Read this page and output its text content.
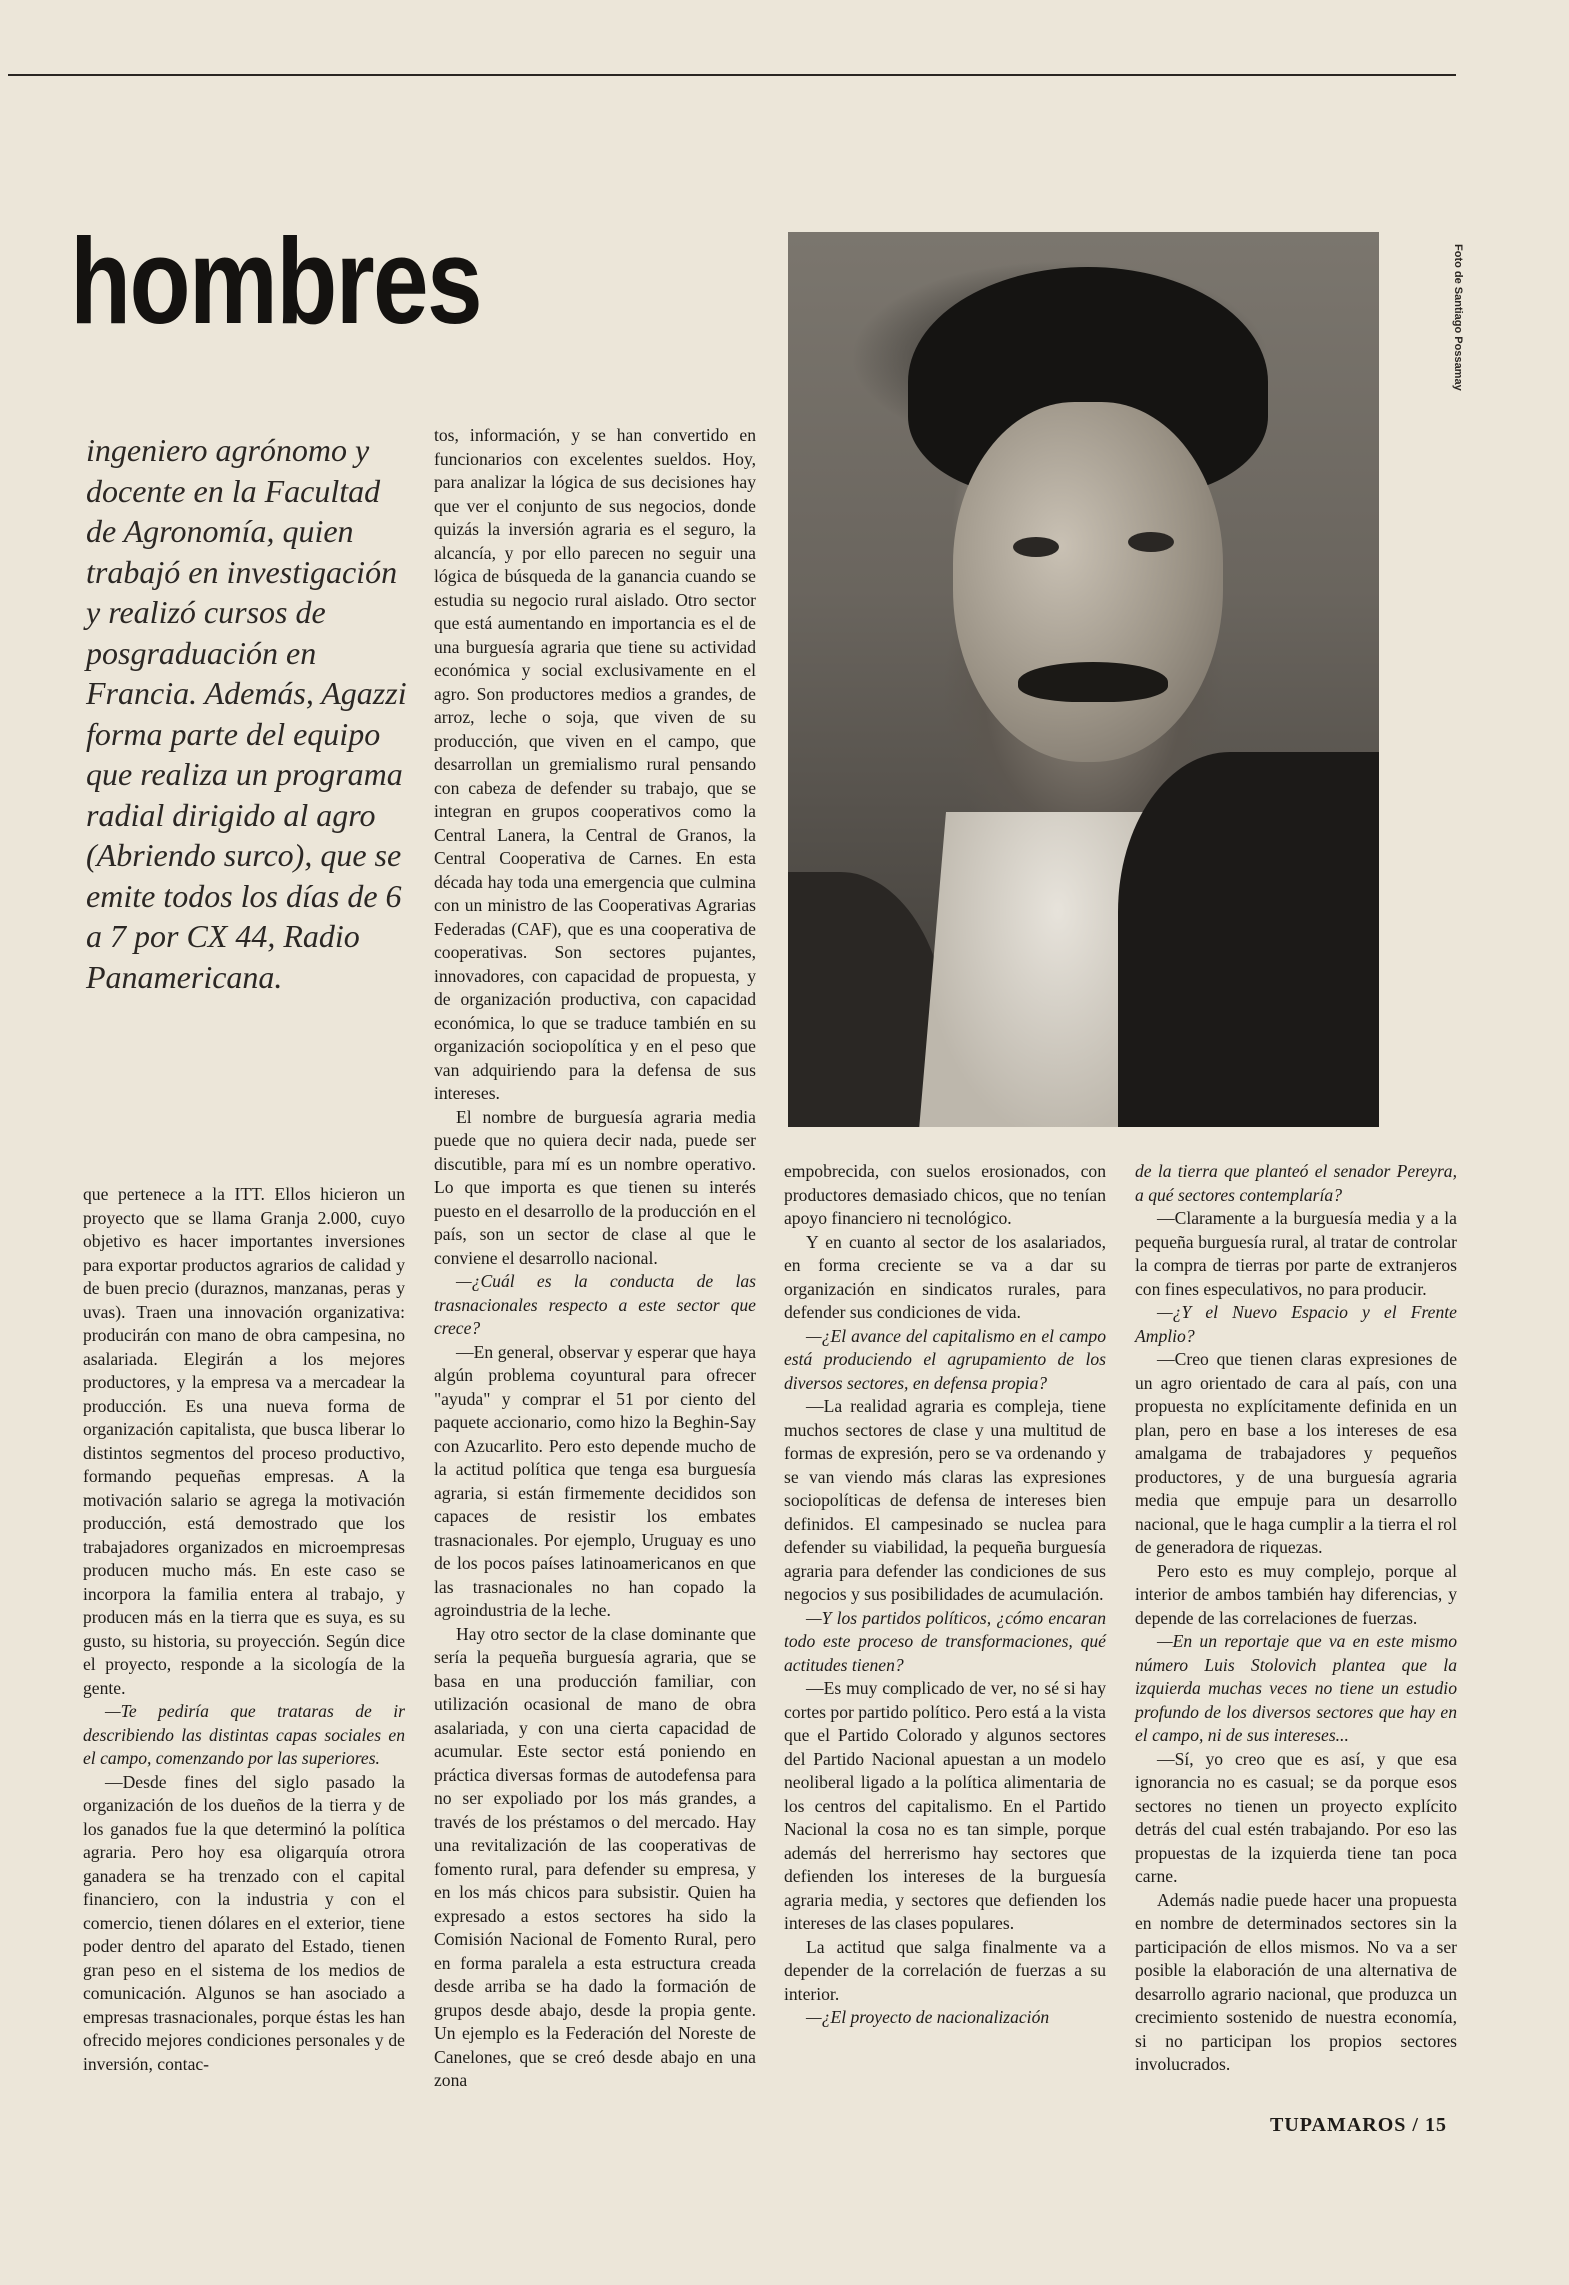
hombres
ingeniero agrónomo y docente en la Facultad de Agronomía, quien trabajó en investigación y realizó cursos de posgraduación en Francia. Además, Agazzi forma parte del equipo que realiza un programa radial dirigido al agro (Abriendo surco), que se emite todos los días de 6 a 7 por CX 44, Radio Panamericana.

Foto de Santiago Possamay

que pertenece a la ITT. Ellos hicieron un proyecto que se llama Granja 2.000, cuyo objetivo es hacer importantes inversiones para exportar productos agrarios de calidad y de buen precio (duraznos, manzanas, peras y uvas). Traen una innovación organizativa: producirán con mano de obra campesina, no asalariada. Elegirán a los mejores productores, y la empresa va a mercadear la producción. Es una nueva forma de organización capitalista, que busca liberar lo distintos segmentos del proceso productivo, formando pequeñas empresas. A la motivación salario se agrega la motivación producción, está demostrado que los trabajadores organizados en microempresas producen mucho más. En este caso se incorpora la familia entera al trabajo, y producen más en la tierra que es suya, es su gusto, su historia, su proyección. Según dice el proyecto, responde a la sicología de la gente.

—Te pediría que trataras de ir describiendo las distintas capas sociales en el campo, comenzando por las superiores.

—Desde fines del siglo pasado la organización de los dueños de la tierra y de los ganados fue la que determinó la política agraria. Pero hoy esa oligarquía otrora ganadera se ha trenzado con el capital financiero, con la industria y con el comercio, tienen dólares en el exterior, tiene poder dentro del aparato del Estado, tienen gran peso en el sistema de los medios de comunicación. Algunos se han asociado a empresas trasnacionales, porque éstas les han ofrecido mejores condiciones personales y de inversión, contac-

tos, información, y se han convertido en funcionarios con excelentes sueldos. Hoy, para analizar la lógica de sus decisiones hay que ver el conjunto de sus negocios, donde quizás la inversión agraria es el seguro, la alcancía, y por ello parecen no seguir una lógica de búsqueda de la ganancia cuando se estudia su negocio rural aislado. Otro sector que está aumentando en importancia es el de una burguesía agraria que tiene su actividad económica y social exclusivamente en el agro. Son productores medios a grandes, de arroz, leche o soja, que viven de su producción, que viven en el campo, que desarrollan un gremialismo rural pensando con cabeza de defender su trabajo, que se integran en grupos cooperativos como la Central Lanera, la Central de Granos, la Central Cooperativa de Carnes. En esta década hay toda una emergencia que culmina con un ministro de las Cooperativas Agrarias Federadas (CAF), que es una cooperativa de cooperativas. Son sectores pujantes, innovadores, con capacidad de propuesta, y de organización productiva, con capacidad económica, lo que se traduce también en su organización sociopolítica y en el peso que van adquiriendo para la defensa de sus intereses.

El nombre de burguesía agraria media puede que no quiera decir nada, puede ser discutible, para mí es un nombre operativo. Lo que importa es que tienen su interés puesto en el desarrollo de la producción en el país, son un sector de clase al que le conviene el desarrollo nacional.

—¿Cuál es la conducta de las trasnacionales respecto a este sector que crece?

—En general, observar y esperar que haya algún problema coyuntural para ofrecer "ayuda" y comprar el 51 por ciento del paquete accionario, como hizo la Beghin-Say con Azucarlito. Pero esto depende mucho de la actitud política que tenga esa burguesía agraria, si están firmemente decididos son capaces de resistir los embates trasnacionales. Por ejemplo, Uruguay es uno de los pocos países latinoamericanos en que las trasnacionales no han copado la agroindustria de la leche.

Hay otro sector de la clase dominante que sería la pequeña burguesía agraria, que se basa en una producción familiar, con utilización ocasional de mano de obra asalariada, y con una cierta capacidad de acumular. Este sector está poniendo en práctica diversas formas de autodefensa para no ser expoliado por los más grandes, a través de los préstamos o del mercado. Hay una revitalización de las cooperativas de fomento rural, para defender su empresa, y en los más chicos para subsistir. Quien ha expresado a estos sectores ha sido la Comisión Nacional de Fomento Rural, pero en forma paralela a esta estructura creada desde arriba se ha dado la formación de grupos desde abajo, desde la propia gente. Un ejemplo es la Federación del Noreste de Canelones, que se creó desde abajo en una zona

empobrecida, con suelos erosionados, con productores demasiado chicos, que no tenían apoyo financiero ni tecnológico.

Y en cuanto al sector de los asalariados, en forma creciente se va a dar su organización en sindicatos rurales, para defender sus condiciones de vida.

—¿El avance del capitalismo en el campo está produciendo el agrupamiento de los diversos sectores, en defensa propia?

—La realidad agraria es compleja, tiene muchos sectores de clase y una multitud de formas de expresión, pero se va ordenando y se van viendo más claras las expresiones sociopolíticas de defensa de intereses bien definidos. El campesinado se nuclea para defender su viabilidad, la pequeña burguesía agraria para defender las condiciones de sus negocios y sus posibilidades de acumulación.

—Y los partidos políticos, ¿cómo encaran todo este proceso de transformaciones, qué actitudes tienen?

—Es muy complicado de ver, no sé si hay cortes por partido político. Pero está a la vista que el Partido Colorado y algunos sectores del Partido Nacional apuestan a un modelo neoliberal ligado a la política alimentaria de los centros del capitalismo. En el Partido Nacional la cosa no es tan simple, porque además del herrerismo hay sectores que defienden los intereses de la burguesía agraria media, y sectores que defienden los intereses de las clases populares.

La actitud que salga finalmente va a depender de la correlación de fuerzas a su interior.

—¿El proyecto de nacionalización

de la tierra que planteó el senador Pereyra, a qué sectores contemplaría?

—Claramente a la burguesía media y a la pequeña burguesía rural, al tratar de controlar la compra de tierras por parte de extranjeros con fines especulativos, no para producir.

—¿Y el Nuevo Espacio y el Frente Amplio?

—Creo que tienen claras expresiones de un agro orientado de cara al país, con una propuesta no explícitamente definida en un plan, pero en base a los intereses de esa amalgama de trabajadores y pequeños productores, y de una burguesía agraria media que empuje para un desarrollo nacional, que le haga cumplir a la tierra el rol de generadora de riquezas.

Pero esto es muy complejo, porque al interior de ambos también hay diferencias, y depende de las correlaciones de fuerzas.

—En un reportaje que va en este mismo número Luis Stolovich plantea que la izquierda muchas veces no tiene un estudio profundo de los diversos sectores que hay en el campo, ni de sus intereses...

—Sí, yo creo que es así, y que esa ignorancia no es casual; se da porque esos sectores no tienen un proyecto explícito detrás del cual estén trabajando. Por eso las propuestas de la izquierda tiene tan poca carne.

Además nadie puede hacer una propuesta en nombre de determinados sectores sin la participación de ellos mismos. No va a ser posible la elaboración de una alternativa de desarrollo agrario nacional, que produzca un crecimiento sostenido de nuestra economía, si no participan los propios sectores involucrados.

TUPAMAROS / 15
